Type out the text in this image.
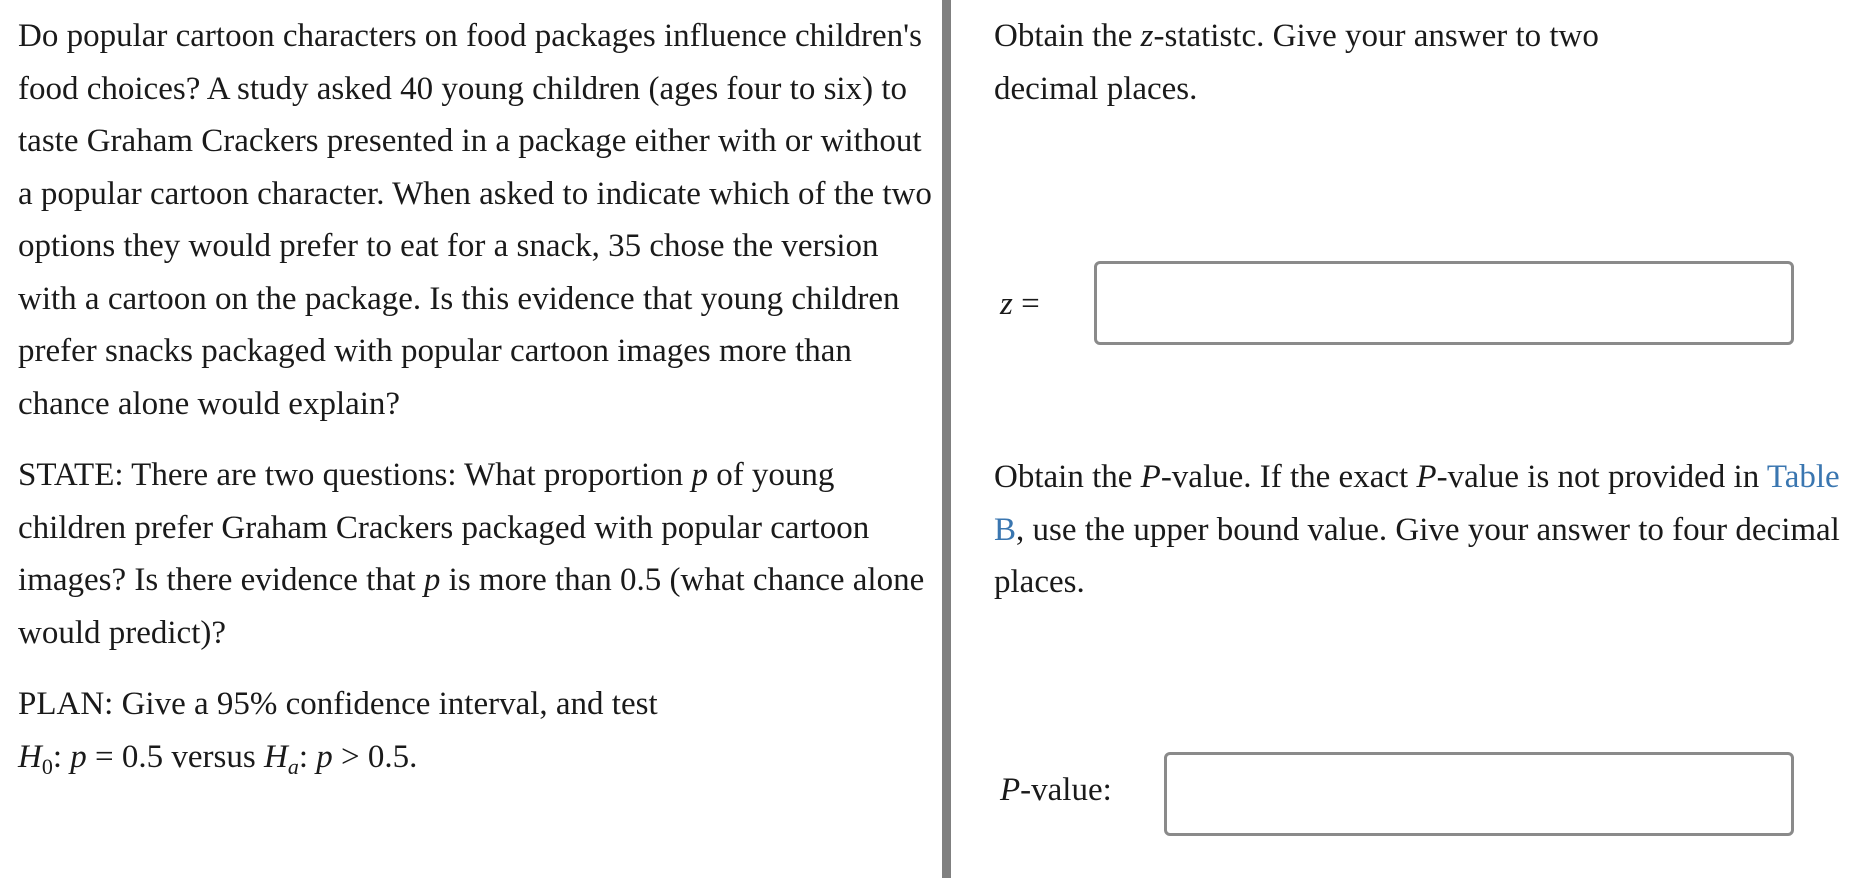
Do popular cartoon characters on food packages influence children's food choices? A study asked 40 young children (ages four to six) to taste Graham Crackers presented in a package either with or without a popular cartoon character. When asked to indicate which of the two options they would prefer to eat for a snack, 35 chose the version with a cartoon on the package. Is this evidence that young children prefer snacks packaged with popular cartoon images more than chance alone would explain?

STATE: There are two questions: What proportion p of young children prefer Graham Crackers packaged with popular cartoon images? Is there evidence that p is more than 0.5 (what chance alone would predict)?

PLAN: Give a 95% confidence interval, and test
$H_0$: p = 0.5 versus $H_a$: p > 0.5.

Obtain the z-statistc. Give your answer to two decimal places.

z =

Obtain the P-value. If the exact P-value is not provided in Table B, use the upper bound value. Give your answer to four decimal places.

P-value:
